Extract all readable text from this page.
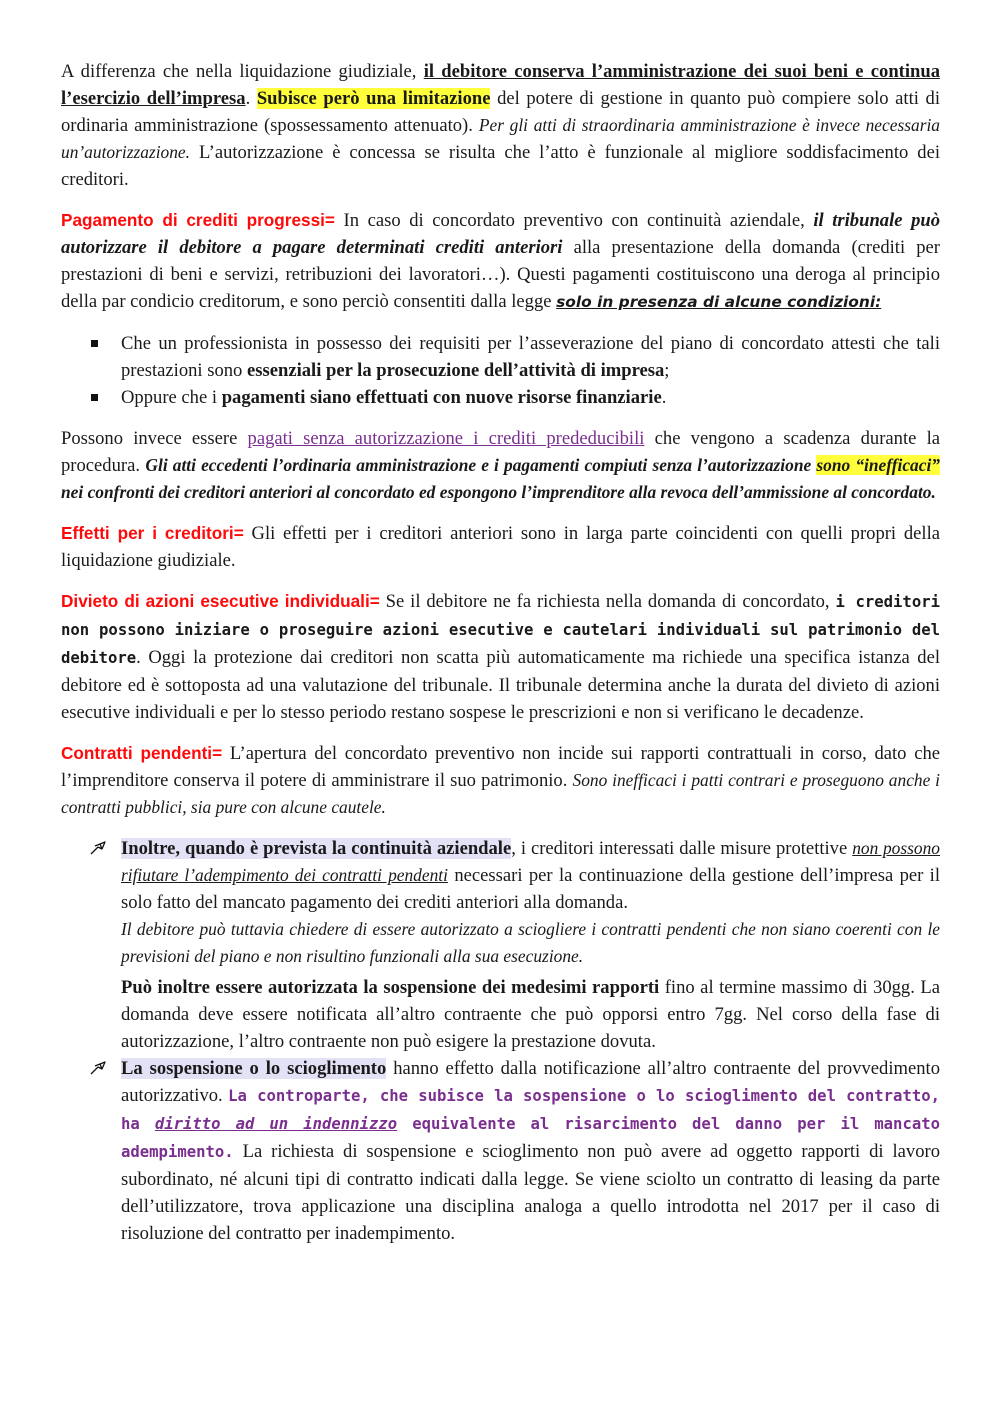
A differenza che nella liquidazione giudiziale, il debitore conserva l’amministrazione dei suoi beni e continua l’esercizio dell’impresa. Subisce però una limitazione del potere di gestione in quanto può compiere solo atti di ordinaria amministrazione (spossessamento attenuato). Per gli atti di straordinaria amministrazione è invece necessaria un’autorizzazione. L’autorizzazione è concessa se risulta che l’atto è funzionale al migliore soddisfacimento dei creditori.

Pagamento di crediti progressi= In caso di concordato preventivo con continuità aziendale, il tribunale può autorizzare il debitore a pagare determinati crediti anteriori alla presentazione della domanda (crediti per prestazioni di beni e servizi, retribuzioni dei lavoratori…). Questi pagamenti costituiscono una deroga al principio della par condicio creditorum, e sono perciò consentiti dalla legge solo in presenza di alcune condizioni:

Che un professionista in possesso dei requisiti per l’asseverazione del piano di concordato attesti che tali prestazioni sono essenziali per la prosecuzione dell’attività di impresa;
Oppure che i pagamenti siano effettuati con nuove risorse finanziarie.

Possono invece essere pagati senza autorizzazione i crediti prededucibili che vengono a scadenza durante la procedura. Gli atti eccedenti l’ordinaria amministrazione e i pagamenti compiuti senza l’autorizzazione sono “inefficaci” nei confronti dei creditori anteriori al concordato ed espongono l’imprenditore alla revoca dell’ammissione al concordato.

Effetti per i creditori= Gli effetti per i creditori anteriori sono in larga parte coincidenti con quelli propri della liquidazione giudiziale.

Divieto di azioni esecutive individuali= Se il debitore ne fa richiesta nella domanda di concordato, i creditori non possono iniziare o proseguire azioni esecutive e cautelari individuali sul patrimonio del debitore. Oggi la protezione dai creditori non scatta più automaticamente ma richiede una specifica istanza del debitore ed è sottoposta ad una valutazione del tribunale. Il tribunale determina anche la durata del divieto di azioni esecutive individuali e per lo stesso periodo restano sospese le prescrizioni e non si verificano le decadenze.

Contratti pendenti= L’apertura del concordato preventivo non incide sui rapporti contrattuali in corso, dato che l’imprenditore conserva il potere di amministrare il suo patrimonio. Sono inefficaci i patti contrari e proseguono anche i contratti pubblici, sia pure con alcune cautele.

Inoltre, quando è prevista la continuità aziendale, i creditori interessati dalle misure protettive non possono rifiutare l’adempimento dei contratti pendenti necessari per la continuazione della gestione dell’impresa per il solo fatto del mancato pagamento dei crediti anteriori alla domanda.
Il debitore può tuttavia chiedere di essere autorizzato a sciogliere i contratti pendenti che non siano coerenti con le previsioni del piano e non risultino funzionali alla sua esecuzione.
Può inoltre essere autorizzata la sospensione dei medesimi rapporti fino al termine massimo di 30gg. La domanda deve essere notificata all’altro contraente che può opporsi entro 7gg. Nel corso della fase di autorizzazione, l’altro contraente non può esigere la prestazione dovuta.
La sospensione o lo scioglimento hanno effetto dalla notificazione all’altro contraente del provvedimento autorizzativo. La controparte, che subisce la sospensione o lo scioglimento del contratto, ha diritto ad un indennizzo equivalente al risarcimento del danno per il mancato adempimento. La richiesta di sospensione e scioglimento non può avere ad oggetto rapporti di lavoro subordinato, né alcuni tipi di contratto indicati dalla legge. Se viene sciolto un contratto di leasing da parte dell’utilizzatore, trova applicazione una disciplina analoga a quello introdotta nel 2017 per il caso di risoluzione del contratto per inadempimento.
